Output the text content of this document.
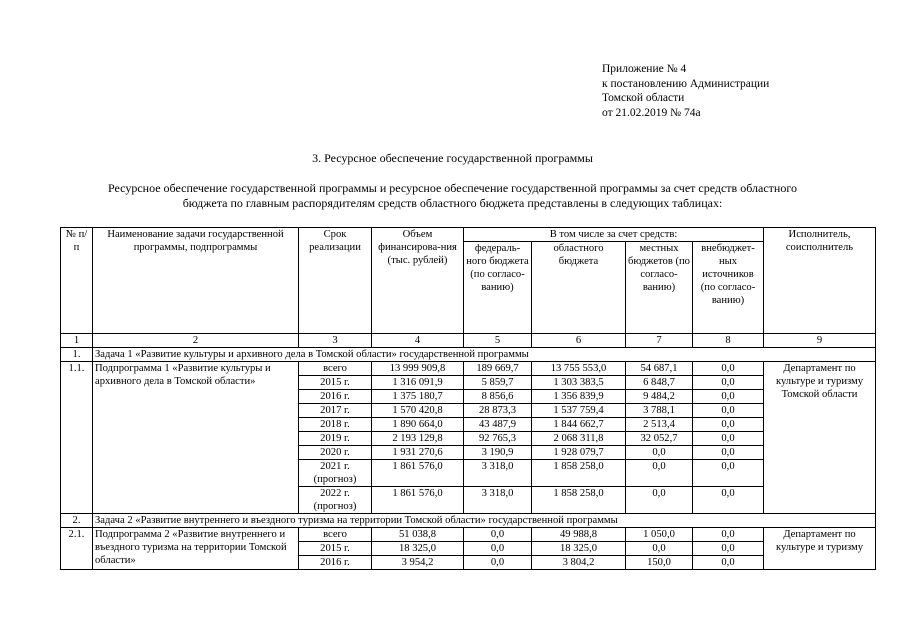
Приложение № 4
к постановлению Администрации
Томской области
от 21.02.2019 № 74а
3. Ресурсное обеспечение государственной программы
Ресурсное обеспечение государственной программы и ресурсное обеспечение государственной программы за счет средств областного бюджета по главным распорядителям средств областного бюджета представлены в следующих таблицах:
№ п/п	Наименование задачи государственной программы, подпрограммы	Срок реализации	Объем финансирова-ния (тыс. рублей)	В том числе за счет средств:				Исполнитель, соисполнитель
				федераль-ного бюджета (по согласо-ванию)	областного бюджета	местных бюджетов (по согласо-ванию)	внебюджет-ных источников (по согласо-ванию)	
1	2	3	4	5	6	7	8	9
1.	Задача 1 «Развитие культуры и архивного дела в Томской области» государственной программы							
1.1.	Подпрограмма 1 «Развитие культуры и архивного дела в Томской области»	всего	13 999 909,8	189 669,7	13 755 553,0	54 687,1	0,0	Департамент по культуре и туризму Томской области
		2015 г.	1 316 091,9	5 859,7	1 303 383,5	6 848,7	0,0	
		2016 г.	1 375 180,7	8 856,6	1 356 839,9	9 484,2	0,0	
		2017 г.	1 570 420,8	28 873,3	1 537 759,4	3 788,1	0,0	
		2018 г.	1 890 664,0	43 487,9	1 844 662,7	2 513,4	0,0	
		2019 г.	2 193 129,8	92 765,3	2 068 311,8	32 052,7	0,0	
		2020 г.	1 931 270,6	3 190,9	1 928 079,7	0,0	0,0	
		2021 г. (прогноз)	1 861 576,0	3 318,0	1 858 258,0	0,0	0,0	
		2022 г. (прогноз)	1 861 576,0	3 318,0	1 858 258,0	0,0	0,0	
2.	Задача 2 «Развитие внутреннего и въездного туризма на территории Томской области» государственной программы							
2.1.	Подпрограмма 2 «Развитие внутреннего и въездного туризма на территории Томской области»	всего	51 038,8	0,0	49 988,8	1 050,0	0,0	Департамент по культуре и туризму
		2015 г.	18 325,0	0,0	18 325,0	0,0	0,0	
		2016 г.	3 954,2	0,0	3 804,2	150,0	0,0	
